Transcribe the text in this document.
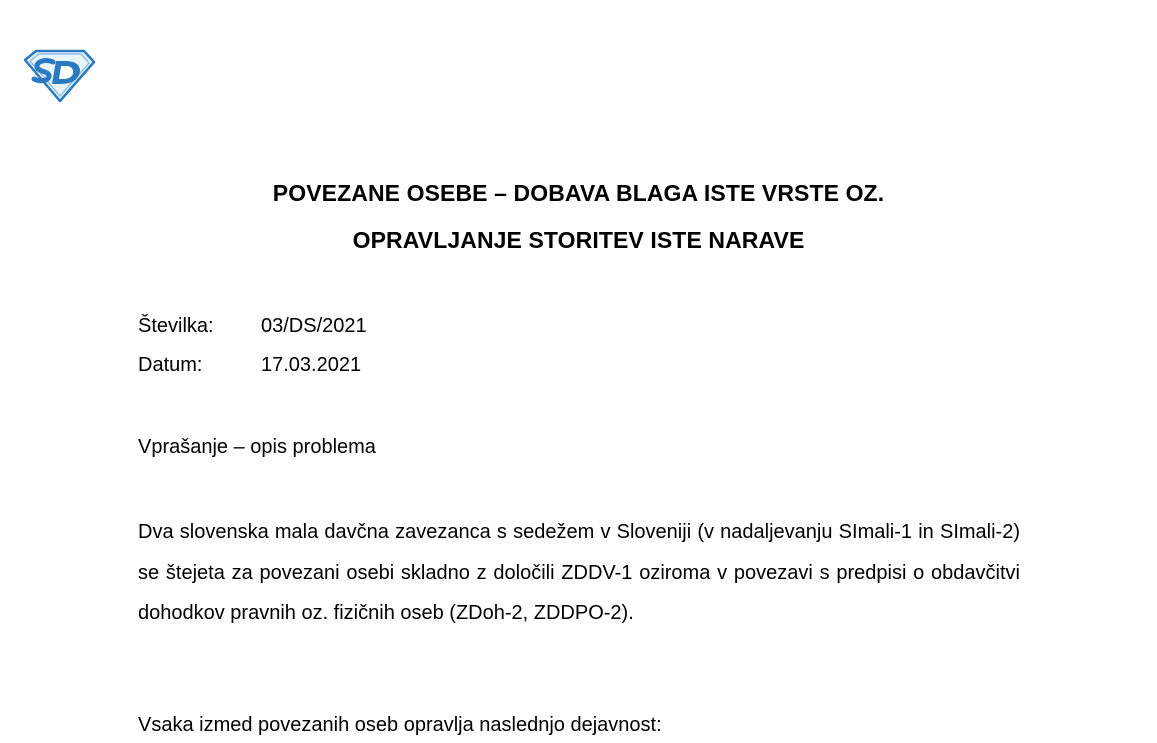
POVEZANE OSEBE – DOBAVA BLAGA ISTE VRSTE OZ.
OPRAVLJANJE STORITEV ISTE NARAVE
Številka: 03/DS/2021
Datum:	17.03.2021
Vprašanje – opis problema

Dva slovenska mala davčna zavezanca s sedežem v Sloveniji (v nadaljevanju SImali-1 in SImali-2) se štejeta za povezani osebi skladno z določili ZDDV-1 oziroma v povezavi s predpisi o obdavčitvi dohodkov pravnih oz. fizičnih oseb (ZDoh-2, ZDDPO-2).

Vsaka izmed povezanih oseb opravlja naslednjo dejavnost:
